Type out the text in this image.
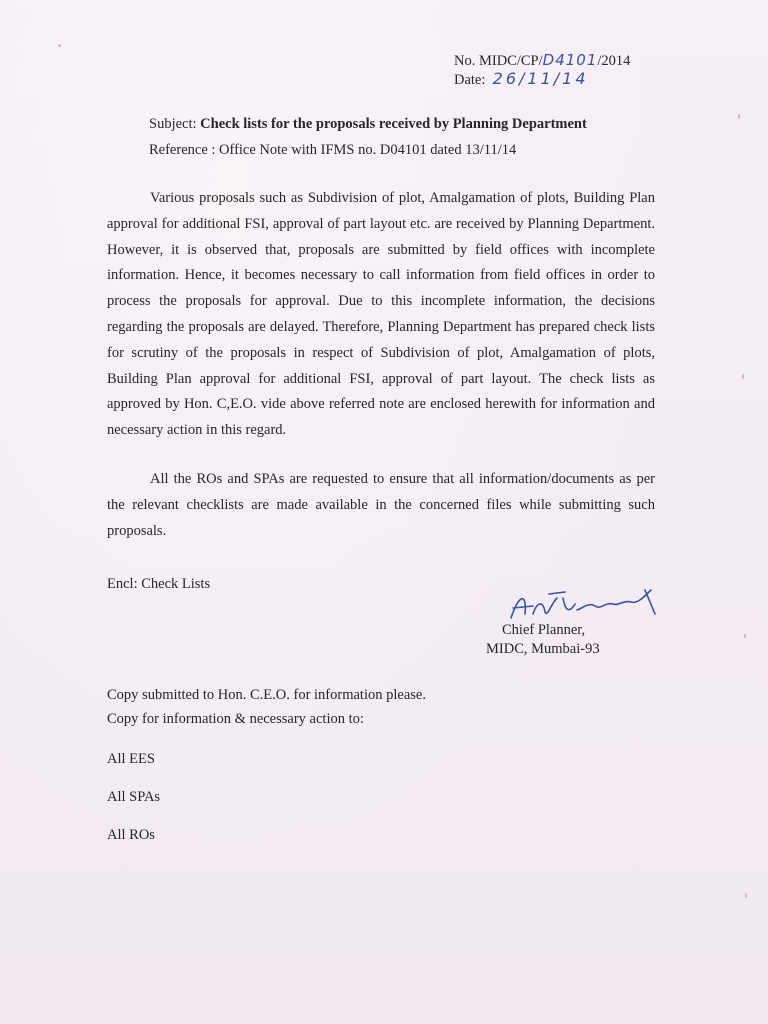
No. MIDC/CP/ D4101 /2014
Date:
26/11/14
Subject: Check lists for the proposals received by Planning Department
Reference : Office Note with IFMS no. D04101 dated 13/11/14
Various proposals such as Subdivision of plot, Amalgamation of plots, Building Plan approval for additional FSI, approval of part layout etc. are received by Planning Department. However, it is observed that, proposals are submitted by field offices with incomplete information. Hence, it becomes necessary to call information from field offices in order to process the proposals for approval. Due to this incomplete information, the decisions regarding the proposals are delayed. Therefore, Planning Department has prepared check lists for scrutiny of the proposals in respect of Subdivision of plot, Amalgamation of plots, Building Plan approval for additional FSI, approval of part layout. The check lists as approved by Hon. C,E.O. vide above referred note are enclosed herewith for information and necessary action in this regard.
All the ROs and SPAs are requested to ensure that all information/documents as per the relevant checklists are made available in the concerned files while submitting such proposals.
Encl: Check Lists
Chief Planner,
MIDC, Mumbai-93
Copy submitted to Hon. C.E.O. for information please.
Copy for information & necessary action to:
All EES
All SPAs
All ROs
